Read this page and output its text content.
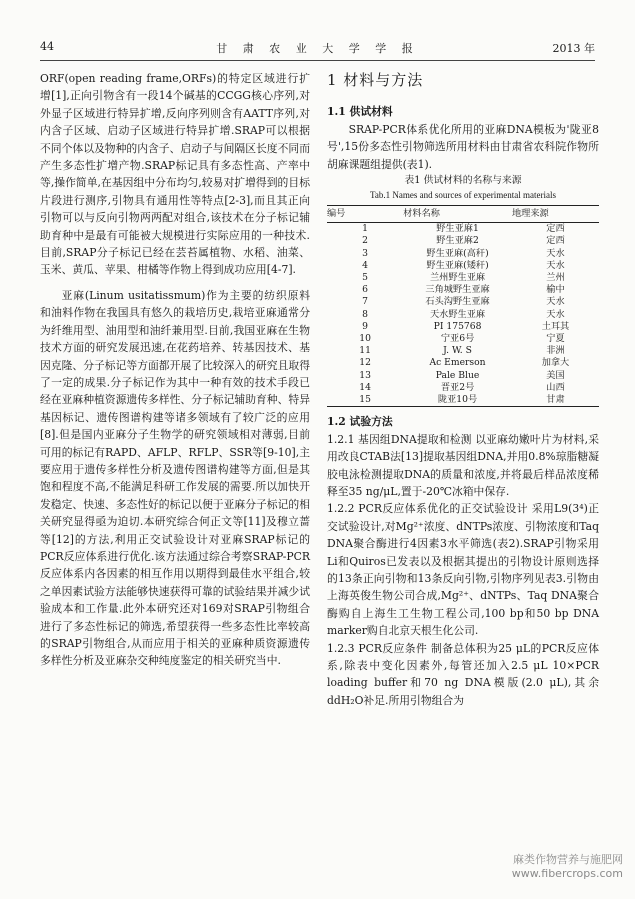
44	甘 肃 农 业 大 学 学 报	2013 年

ORF(open reading frame,ORFs)的特定区域进行扩增[1],正向引物含有一段14个碱基的CCGG核心序列,对外显子区域进行特异扩增,反向序列则含有AATT序列,对内含子区域、启动子区域进行特异扩增.SRAP可以根据不同个体以及物种的内含子、启动子与间隔区长度不同而产生多态性扩增产物.SRAP标记具有多态性高、产率中等,操作简单,在基因组中分布均匀,较易对扩增得到的目标片段进行测序,引物具有通用性等特点[2-3],而且其正向引物可以与反向引物两两配对组合,该技术在分子标记辅助育种中是最有可能被大规模进行实际应用的一种技术.目前,SRAP分子标记已经在芸苔属植物、水稻、油菜、玉米、黄瓜、苹果、柑橘等作物上得到成功应用[4-7].

亚麻(Linum usitatissmum)作为主要的纺织原料和油料作物在我国具有悠久的栽培历史,栽培亚麻通常分为纤维用型、油用型和油纤兼用型.目前,我国亚麻在生物技术方面的研究发展迅速,在花药培养、转基因技术、基因克隆、分子标记等方面都开展了比较深入的研究且取得了一定的成果.分子标记作为其中一种有效的技术手段已经在亚麻种植资源遗传多样性、分子标记辅助育种、特异基因标记、遗传图谱构建等诸多领域有了较广泛的应用[8].但是国内亚麻分子生物学的研究领域相对薄弱,目前可用的标记有RAPD、AFLP、RFLP、SSR等[9-10],主要应用于遗传多样性分析及遗传图谱构建等方面,但是其饱和程度不高,不能满足科研工作发展的需要.所以加快开发稳定、快速、多态性好的标记以便于亚麻分子标记的相关研究显得亟为迫切.本研究综合何正文等[11]及穆立蔷等[12]的方法,利用正交试验设计对亚麻SRAP标记的PCR反应体系进行优化.该方法通过综合考察SRAP-PCR反应体系内各因素的相互作用以期得到最佳水平组合,较之单因素试验方法能够快速获得可靠的试验结果并减少试验成本和工作量.此外本研究还对169对SRAP引物组合进行了多态性标记的筛选,希望获得一些多态性比率较高的SRAP引物组合,从而应用于相关的亚麻种质资源遗传多样性分析及亚麻杂交种纯度鉴定的相关研究当中.

1 材料与方法

1.1 供试材料

SRAP-PCR体系优化所用的亚麻DNA模板为'陇亚8号',15份多态性引物筛选所用材料由甘肃省农科院作物所胡麻课题组提供(表1).

表1 供试材料的名称与来源

Tab.1 Names and sources of experimental materials

编号	材料名称	地理来源
1	野生亚麻1	定西
2	野生亚麻2	定西
3	野生亚麻(高秆)	天水
4	野生亚麻(矮秆)	天水
5	兰州野生亚麻	兰州
6	三角城野生亚麻	榆中
7	石头沟野生亚麻	天水
8	天水野生亚麻	天水
9	PI 175768	土耳其
10	宁亚6号	宁夏
11	J. W. S	非洲
12	Ac Emerson	加拿大
13	Pale Blue	美国
14	晋亚2号	山西
15	陇亚10号	甘肃

1.2 试验方法

1.2.1 基因组DNA提取和检测 以亚麻幼嫩叶片为材料,采用改良CTAB法[13]提取基因组DNA,并用0.8%琼脂糖凝胶电泳检测提取DNA的质量和浓度,并将最后样品浓度稀释至35 ng/μL,置于-20℃冰箱中保存.

1.2.2 PCR反应体系优化的正交试验设计 采用L9(3⁴)正交试验设计,对Mg²⁺浓度、dNTPs浓度、引物浓度和Taq DNA聚合酶进行4因素3水平筛选(表2).SRAP引物采用Li和Quiros已发表以及根据其提出的引物设计原则选择的13条正向引物和13条反向引物,引物序列见表3.引物由上海英俊生物公司合成,Mg²⁺、dNTPs、Taq DNA聚合酶购自上海生工生物工程公司,100 bp和50 bp DNA marker购自北京天根生化公司.

1.2.3 PCR反应条件 制备总体积为25 μL的PCR反应体系,除表中变化因素外,每管还加入2.5 μL 10×PCR loading buffer和70 ng DNA模版(2.0 μL),其余ddH₂O补足.所用引物组合为

麻类作物营养与施肥网
www.fibercrops.com
